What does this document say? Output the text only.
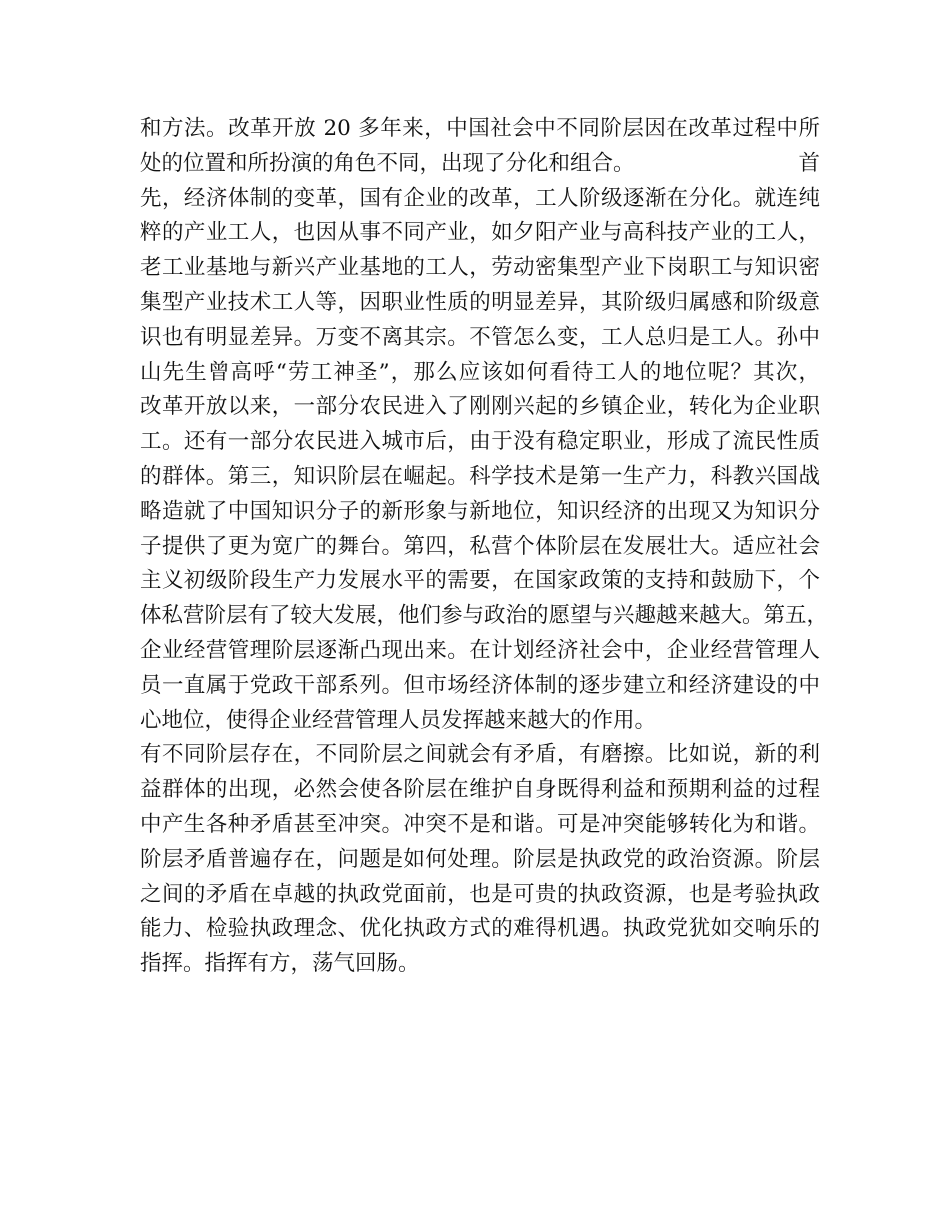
和方法。改革开放 20 多年来，中国社会中不同阶层因在改革过程中所
处的位置和所扮演的角色不同，出现了分化和组合。	首
先，经济体制的变革，国有企业的改革，工人阶级逐渐在分化。就连纯
粹的产业工人，也因从事不同产业，如夕阳产业与高科技产业的工人，
老工业基地与新兴产业基地的工人，劳动密集型产业下岗职工与知识密
集型产业技术工人等，因职业性质的明显差异，其阶级归属感和阶级意
识也有明显差异。万变不离其宗。不管怎么变，工人总归是工人。孙中
山先生曾高呼“劳工神圣”，那么应该如何看待工人的地位呢？其次，
改革开放以来，一部分农民进入了刚刚兴起的乡镇企业，转化为企业职
工。还有一部分农民进入城市后，由于没有稳定职业，形成了流民性质
的群体。第三，知识阶层在崛起。科学技术是第一生产力，科教兴国战
略造就了中国知识分子的新形象与新地位，知识经济的出现又为知识分
子提供了更为宽广的舞台。第四，私营个体阶层在发展壮大。适应社会
主义初级阶段生产力发展水平的需要，在国家政策的支持和鼓励下，个
体私营阶层有了较大发展，他们参与政治的愿望与兴趣越来越大。第五，
企业经营管理阶层逐渐凸现出来。在计划经济社会中，企业经营管理人
员一直属于党政干部系列。但市场经济体制的逐步建立和经济建设的中
心地位，使得企业经营管理人员发挥越来越大的作用。
有不同阶层存在，不同阶层之间就会有矛盾，有磨擦。比如说，新的利
益群体的出现，必然会使各阶层在维护自身既得利益和预期利益的过程
中产生各种矛盾甚至冲突。冲突不是和谐。可是冲突能够转化为和谐。
阶层矛盾普遍存在，问题是如何处理。阶层是执政党的政治资源。阶层
之间的矛盾在卓越的执政党面前，也是可贵的执政资源，也是考验执政
能力、检验执政理念、优化执政方式的难得机遇。执政党犹如交响乐的
指挥。指挥有方，荡气回肠。
